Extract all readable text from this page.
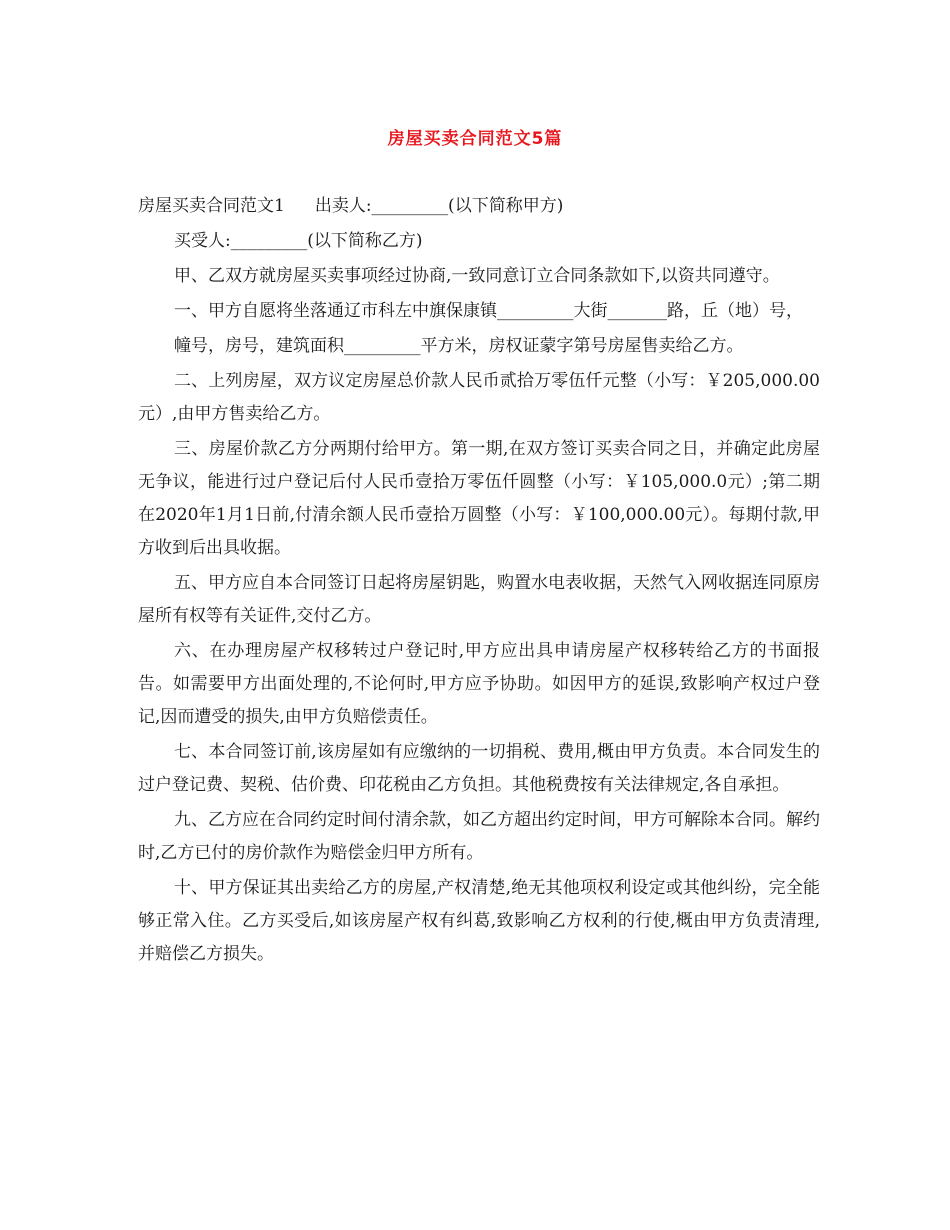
房屋买卖合同范文5篇

房屋买卖合同范文1 出卖人:_________(以下简称甲方)

买受人:_________(以下简称乙方)

甲、乙双方就房屋买卖事项经过协商,一致同意订立合同条款如下,以资共同遵守。

一、甲方自愿将坐落通辽市科左中旗保康镇_________大街_______路，丘（地）号，

幢号，房号，建筑面积_________平方米，房权证蒙字第号房屋售卖给乙方。

二、上列房屋，双方议定房屋总价款人民币贰拾万零伍仟元整（小写：￥205,000.00元）,由甲方售卖给乙方。

三、房屋价款乙方分两期付给甲方。第一期,在双方签订买卖合同之日，并确定此房屋无争议，能进行过户登记后付人民币壹拾万零伍仟圆整（小写：￥105,000.0元）;第二期在2020年1月1日前,付清余额人民币壹拾万圆整（小写：￥100,000.00元）。每期付款,甲方收到后出具收据。

五、甲方应自本合同签订日起将房屋钥匙，购置水电表收据，天然气入网收据连同原房屋所有权等有关证件,交付乙方。

六、在办理房屋产权移转过户登记时,甲方应出具申请房屋产权移转给乙方的书面报告。如需要甲方出面处理的,不论何时,甲方应予协助。如因甲方的延误,致影响产权过户登记,因而遭受的损失,由甲方负赔偿责任。

七、本合同签订前,该房屋如有应缴纳的一切捐税、费用,概由甲方负责。本合同发生的过户登记费、契税、估价费、印花税由乙方负担。其他税费按有关法律规定,各自承担。

九、乙方应在合同约定时间付清余款，如乙方超出约定时间，甲方可解除本合同。解约时,乙方已付的房价款作为赔偿金归甲方所有。

十、甲方保证其出卖给乙方的房屋,产权清楚,绝无其他项权利设定或其他纠纷，完全能够正常入住。乙方买受后,如该房屋产权有纠葛,致影响乙方权利的行使,概由甲方负责清理,并赔偿乙方损失。
